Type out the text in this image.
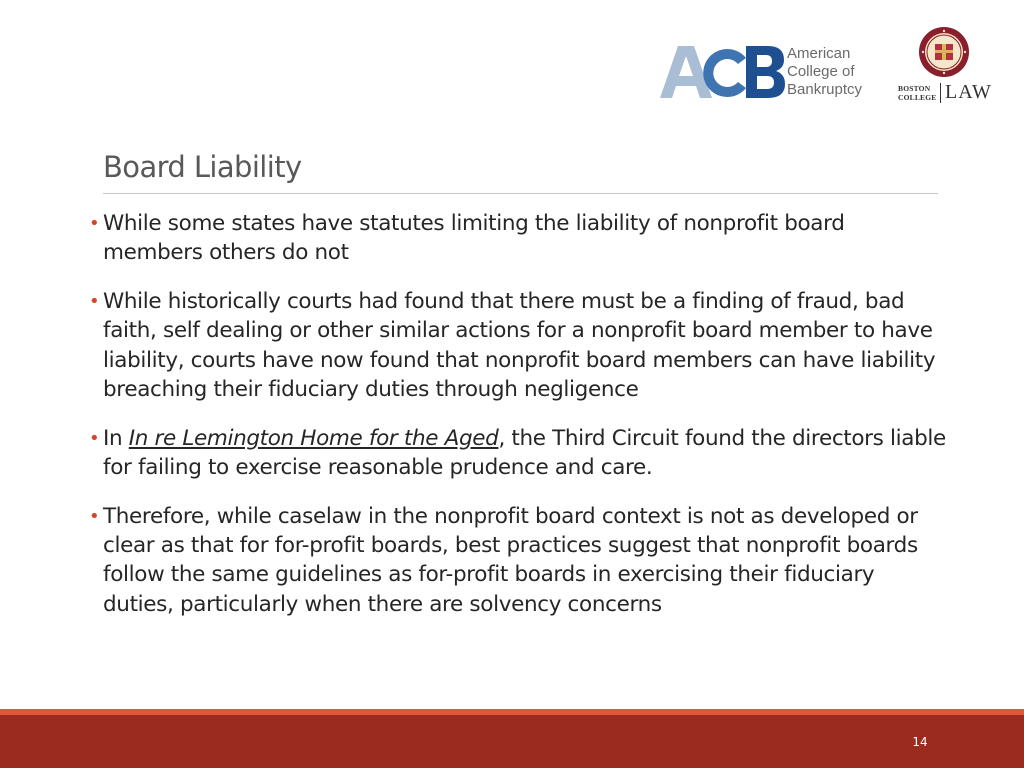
American
College of
Bankruptcy	BOSTON
COLLEGE LAW
Board Liability
• While some states have statutes limiting the liability of nonprofit board members others do not
• While historically courts had found that there must be a finding of fraud, bad faith, self dealing or other similar actions for a nonprofit board member to have liability, courts have now found that nonprofit board members can have liability breaching their fiduciary duties through negligence
• In In re Lemington Home for the Aged, the Third Circuit found the directors liable for failing to exercise reasonable prudence and care.
• Therefore, while caselaw in the nonprofit board context is not as developed or clear as that for for-profit boards, best practices suggest that nonprofit boards follow the same guidelines as for-profit boards in exercising their fiduciary duties, particularly when there are solvency concerns
14
